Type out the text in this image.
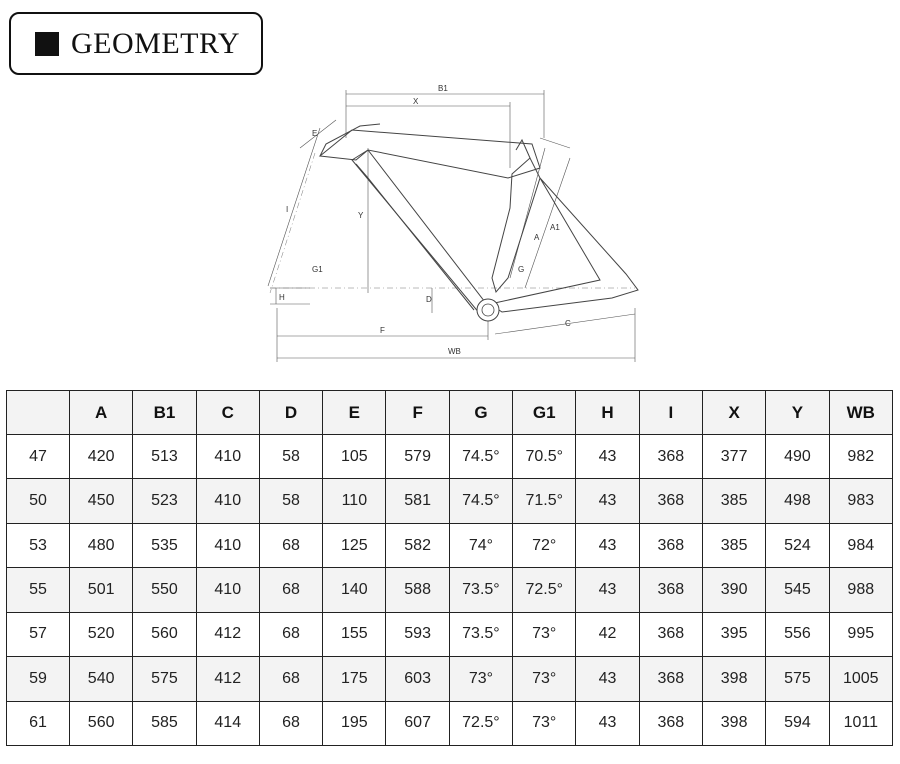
GEOMETRY
B1
X
E
I
Y
G1
H	D
F
G
A
A1
C
WB
	A	B1	C	D	E	F	G	G1	H	I	X	Y	WB
47	420	513	410	58	105	579	74.5°	70.5°	43	368	377	490	982
50	450	523	410	58	110	581	74.5°	71.5°	43	368	385	498	983
53	480	535	410	68	125	582	74°	72°	43	368	385	524	984
55	501	550	410	68	140	588	73.5°	72.5°	43	368	390	545	988
57	520	560	412	68	155	593	73.5°	73°	42	368	395	556	995
59	540	575	412	68	175	603	73°	73°	43	368	398	575	1005
61	560	585	414	68	195	607	72.5°	73°	43	368	398	594	1011
